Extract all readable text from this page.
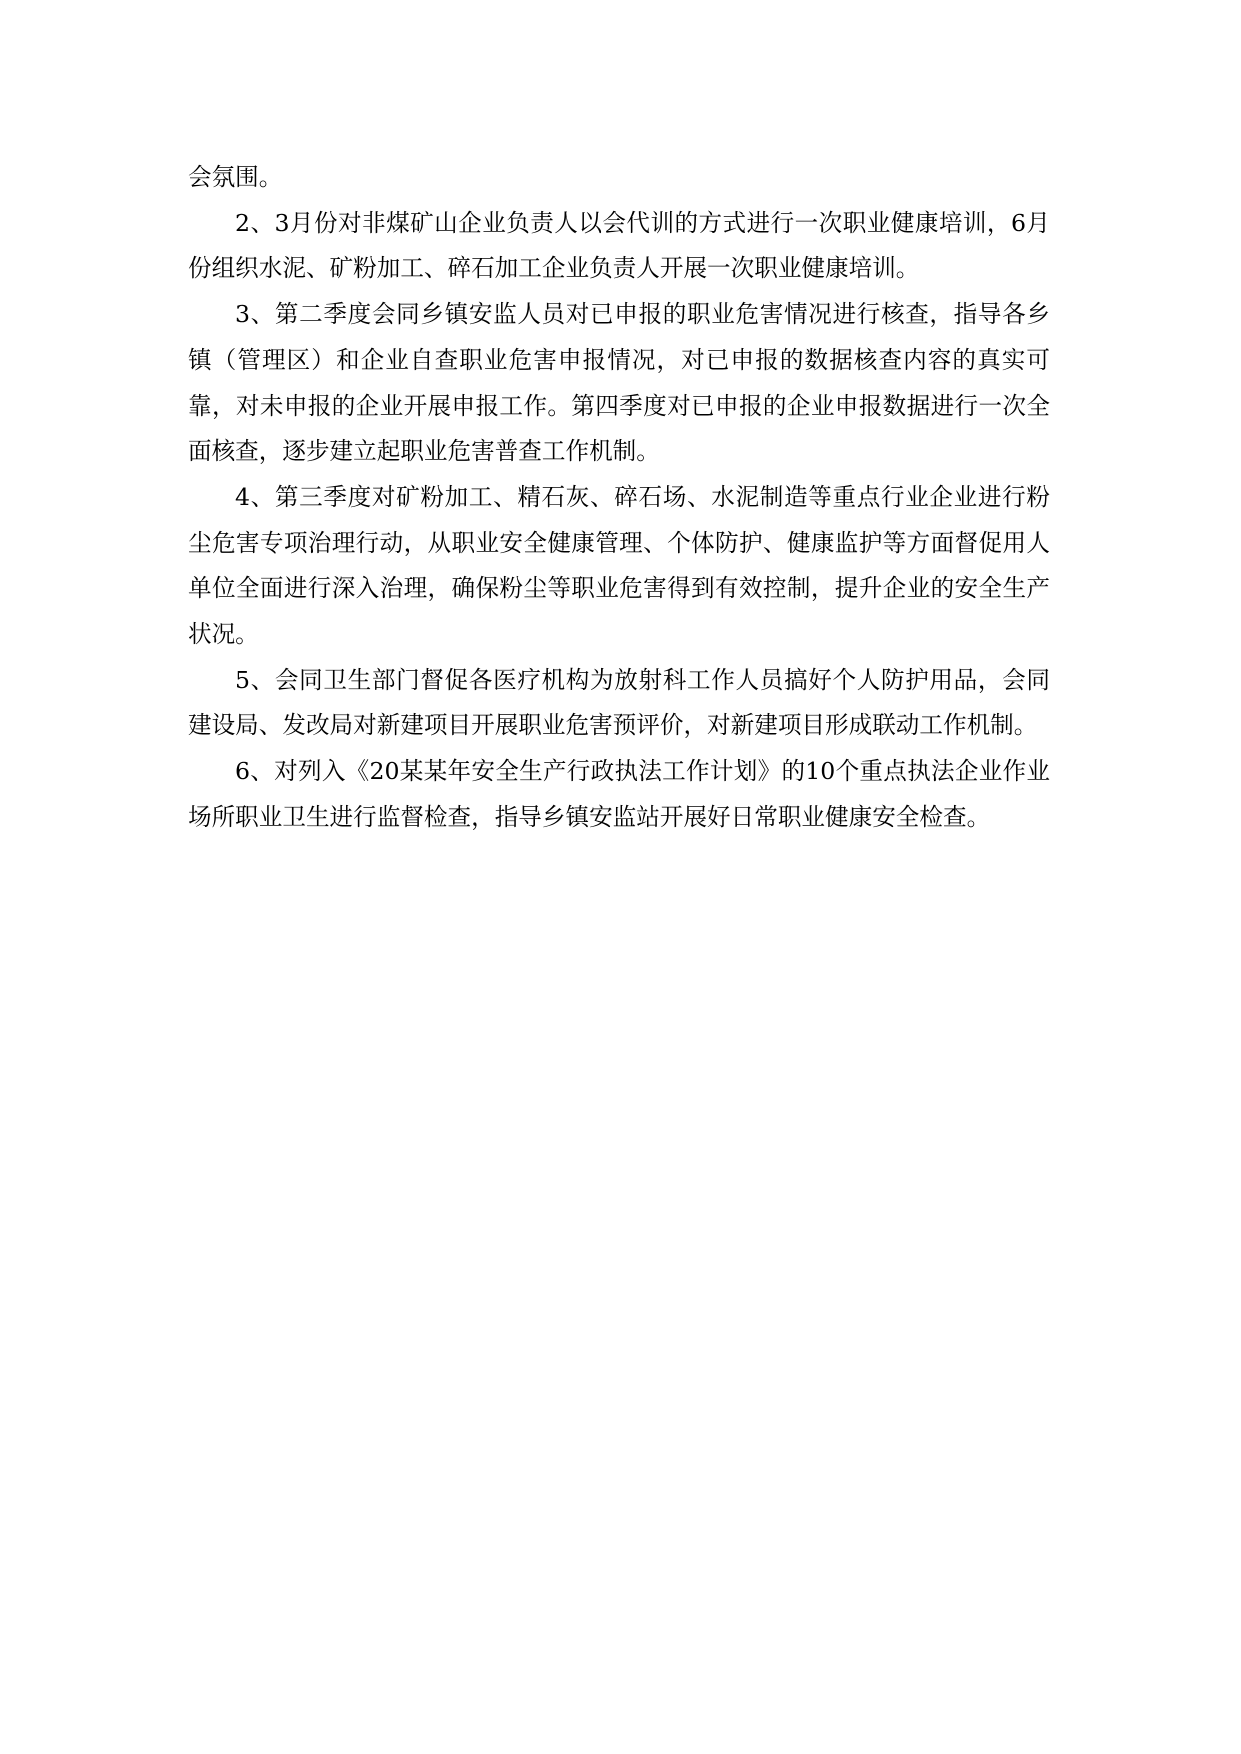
会氛围。

2、3月份对非煤矿山企业负责人以会代训的方式进行一次职业健康培训，6月份组织水泥、矿粉加工、碎石加工企业负责人开展一次职业健康培训。

3、第二季度会同乡镇安监人员对已申报的职业危害情况进行核查，指导各乡镇（管理区）和企业自查职业危害申报情况，对已申报的数据核查内容的真实可靠，对未申报的企业开展申报工作。第四季度对已申报的企业申报数据进行一次全面核查，逐步建立起职业危害普查工作机制。

4、第三季度对矿粉加工、精石灰、碎石场、水泥制造等重点行业企业进行粉尘危害专项治理行动，从职业安全健康管理、个体防护、健康监护等方面督促用人单位全面进行深入治理，确保粉尘等职业危害得到有效控制，提升企业的安全生产状况。

5、会同卫生部门督促各医疗机构为放射科工作人员搞好个人防护用品，会同建设局、发改局对新建项目开展职业危害预评价，对新建项目形成联动工作机制。

6、对列入《20某某年安全生产行政执法工作计划》的10个重点执法企业作业场所职业卫生进行监督检查，指导乡镇安监站开展好日常职业健康安全检查。
